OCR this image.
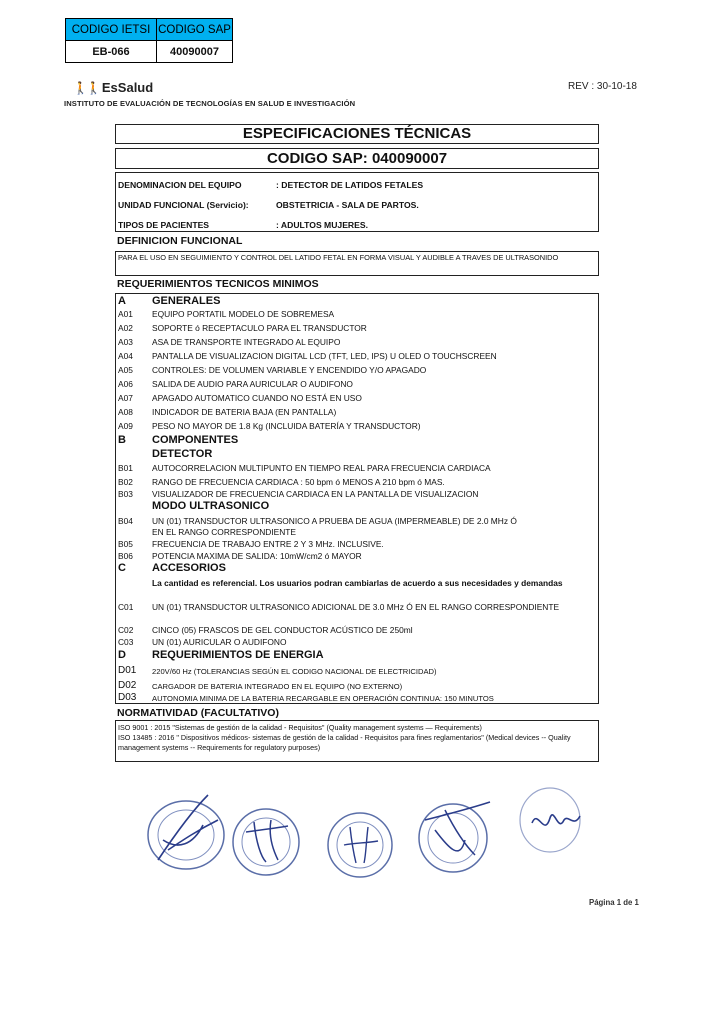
CODIGO IETSI	CODIGO SAP
EB-066	40090007
🚶🚶 EsSalud
INSTITUTO DE EVALUACIÓN DE TECNOLOGÍAS EN SALUD E INVESTIGACIÓN
REV : 30-10-18
ESPECIFICACIONES TÉCNICAS
CODIGO SAP: 040090007
DENOMINACION DEL EQUIPO	: DETECTOR DE LATIDOS FETALES
UNIDAD FUNCIONAL (Servicio):	OBSTETRICIA - SALA DE PARTOS.
TIPOS DE PACIENTES	: ADULTOS MUJERES.
DEFINICION FUNCIONAL
PARA EL USO EN SEGUIMIENTO Y CONTROL DEL LATIDO FETAL EN FORMA VISUAL Y AUDIBLE A TRAVES DE ULTRASONIDO
REQUERIMIENTOS TECNICOS MINIMOS
A GENERALES
A01 EQUIPO PORTATIL MODELO DE SOBREMESA
A02 SOPORTE ó RECEPTACULO PARA EL TRANSDUCTOR
A03 ASA DE TRANSPORTE INTEGRADO AL EQUIPO
A04 PANTALLA DE VISUALIZACION DIGITAL LCD (TFT, LED, IPS) U OLED O TOUCHSCREEN
A05 CONTROLES: DE VOLUMEN VARIABLE Y ENCENDIDO Y/O APAGADO
A06 SALIDA DE AUDIO PARA AURICULAR O AUDIFONO
A07 APAGADO AUTOMATICO CUANDO NO ESTÁ EN USO
A08 INDICADOR DE BATERIA BAJA (EN PANTALLA)
A09 PESO NO MAYOR DE 1.8 Kg (INCLUIDA BATERÍA Y TRANSDUCTOR)
B COMPONENTES
DETECTOR
B01 AUTOCORRELACION MULTIPUNTO EN TIEMPO REAL PARA FRECUENCIA CARDIACA
B02 RANGO DE FRECUENCIA CARDIACA : 50 bpm ó MENOS A 210 bpm ó MAS.
B03 VISUALIZADOR DE FRECUENCIA CARDIACA EN LA PANTALLA DE VISUALIZACION
MODO ULTRASONICO
B04 UN (01) TRANSDUCTOR ULTRASONICO A PRUEBA DE AGUA (IMPERMEABLE) DE 2.0 MHz Ó
EN EL RANGO CORRESPONDIENTE
B05 FRECUENCIA DE TRABAJO ENTRE 2 Y 3 MHz. INCLUSIVE.
B06 POTENCIA MAXIMA DE SALIDA: 10mW/cm2 ó MAYOR
C ACCESORIOS
La cantidad es referencial. Los usuarios podran cambiarlas de acuerdo a sus necesidades y demandas
C01 UN (01) TRANSDUCTOR ULTRASONICO ADICIONAL DE 3.0 MHz Ó EN EL RANGO CORRESPONDIENTE
C02 CINCO (05) FRASCOS DE GEL CONDUCTOR ACÚSTICO DE 250ml
C03 UN (01) AURICULAR O AUDIFONO
D REQUERIMIENTOS DE ENERGIA
D01 220V/60 Hz (TOLERANCIAS SEGÚN EL CODIGO NACIONAL DE ELECTRICIDAD)
D02 CARGADOR DE BATERIA INTEGRADO EN EL EQUIPO (NO EXTERNO)
D03 AUTONOMIA MINIMA DE LA BATERIA RECARGABLE EN OPERACIÓN CONTINUA: 150 MINUTOS
NORMATIVIDAD (FACULTATIVO)
ISO 9001 : 2015 "Sistemas de gestión de la calidad - Requisitos" (Quality management systems — Requirements)
ISO 13485 : 2016 " Dispositivos médicos- sistemas de gestión de la calidad - Requisitos para fines reglamentarios" (Medical devices -- Quality management systems -- Requirements for regulatory purposes)
Página 1 de 1
